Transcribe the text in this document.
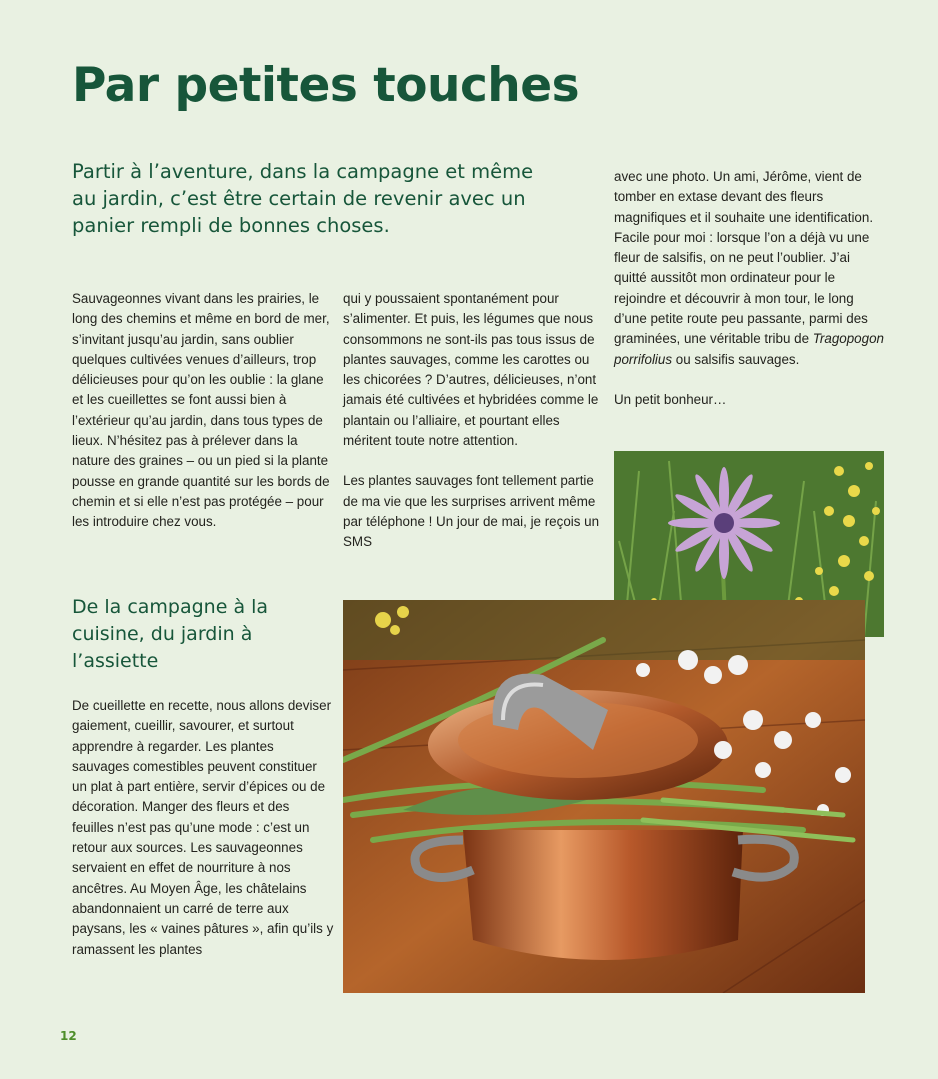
Par petites touches

Partir à l’aventure, dans la campagne et même au jardin, c’est être certain de revenir avec un panier rempli de bonnes choses.

Sauvageonnes vivant dans les prairies, le long des chemins et même en bord de mer, s’invitant jusqu’au jardin, sans oublier quelques cultivées venues d’ailleurs, trop délicieuses pour qu’on les oublie : la glane et les cueillettes se font aussi bien à l’extérieur qu’au jardin, dans tous types de lieux. N’hésitez pas à prélever dans la nature des graines – ou un pied si la plante pousse en grande quantité sur les bords de chemin et si elle n’est pas protégée – pour les introduire chez vous.

De la campagne à la cuisine, du jardin à l’assiette

De cueillette en recette, nous allons deviser gaiement, cueillir, savourer, et surtout apprendre à regarder. Les plantes sauvages comestibles peuvent constituer un plat à part entière, servir d’épices ou de décoration. Manger des fleurs et des feuilles n’est pas qu’une mode : c’est un retour aux sources. Les sauvageonnes servaient en effet de nourriture à nos ancêtres. Au Moyen Âge, les châtelains abandonnaient un carré de terre aux paysans, les « vaines pâtures », afin qu’ils y ramassent les plantes

qui y poussaient spontanément pour s’alimenter. Et puis, les légumes que nous consommons ne sont-ils pas tous issus de plantes sauvages, comme les carottes ou les chicorées ? D’autres, délicieuses, n’ont jamais été cultivées et hybridées comme le plantain ou l’alliaire, et pourtant elles méritent toute notre attention.

Les plantes sauvages font tellement partie de ma vie que les surprises arrivent même par téléphone ! Un jour de mai, je reçois un SMS

avec une photo. Un ami, Jérôme, vient de tomber en extase devant des fleurs magnifiques et il souhaite une identification. Facile pour moi : lorsque l’on a déjà vu une fleur de salsifis, on ne peut l’oublier. J’ai quitté aussitôt mon ordinateur pour le rejoindre et découvrir à mon tour, le long d’une petite route peu passante, parmi des graminées, une véritable tribu de Tragopogon porrifolius ou salsifis sauvages.

Un petit bonheur…

12
